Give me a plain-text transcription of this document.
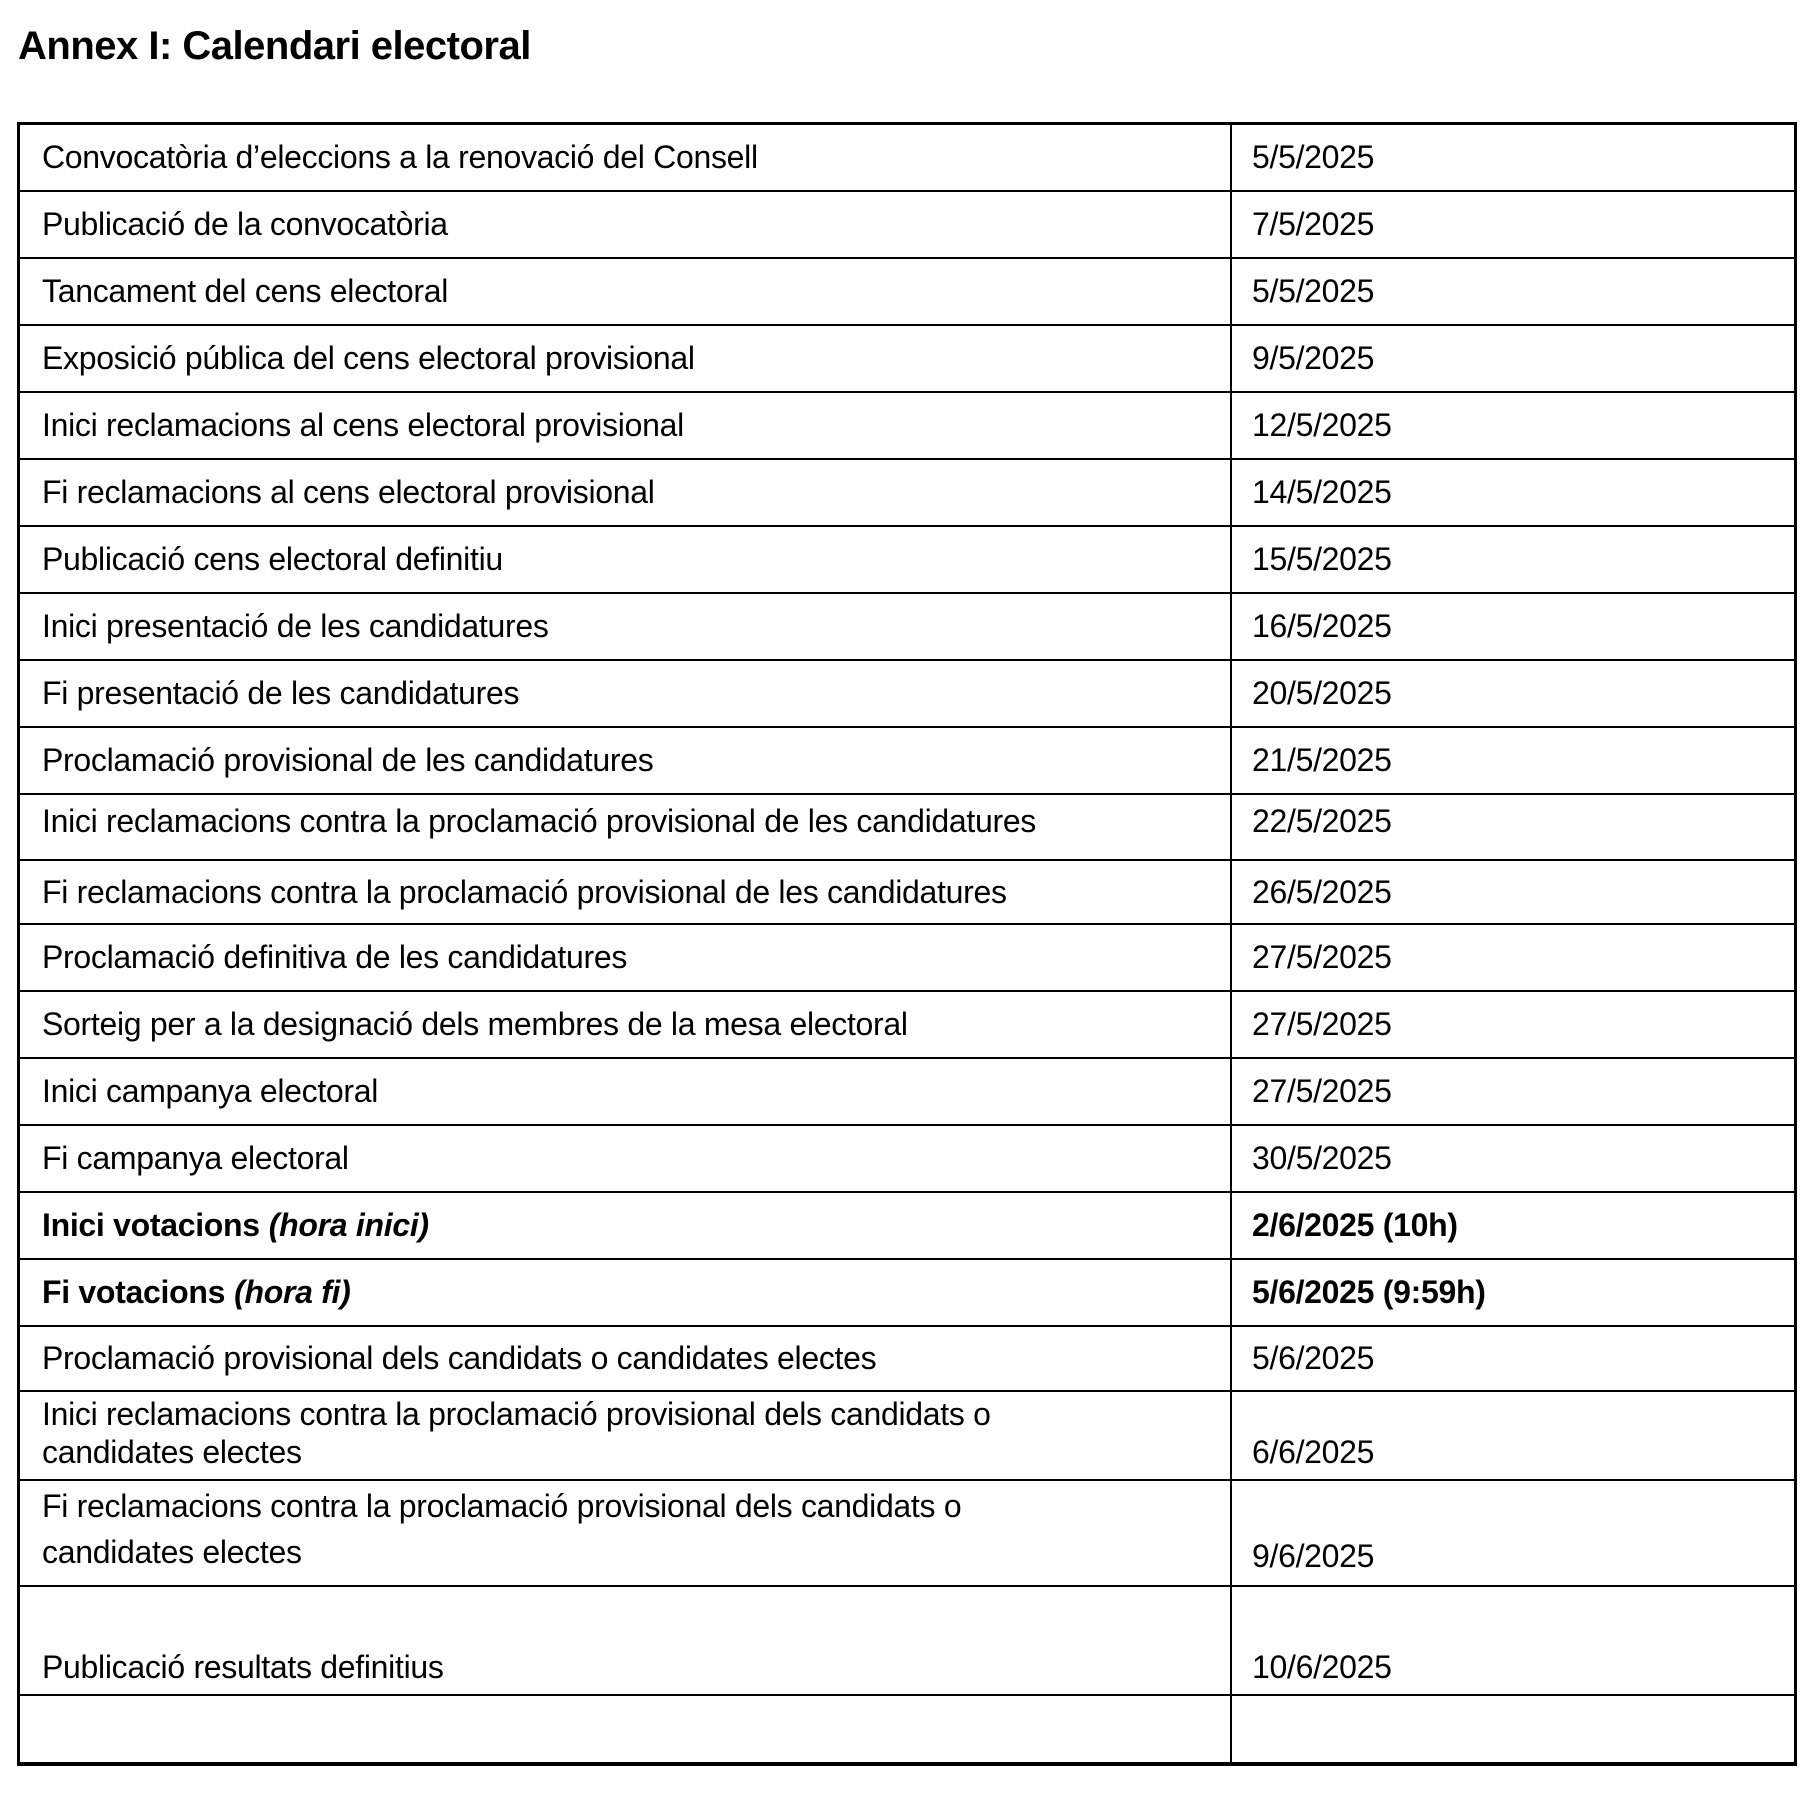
Annex I: Calendari electoral
Convocatòria d’eleccions a la renovació del Consell	5/5/2025
Publicació de la convocatòria	7/5/2025
Tancament del cens electoral	5/5/2025
Exposició pública del cens electoral provisional	9/5/2025
Inici reclamacions al cens electoral provisional	12/5/2025
Fi reclamacions al cens electoral provisional	14/5/2025
Publicació cens electoral definitiu	15/5/2025
Inici presentació de les candidatures	16/5/2025
Fi presentació de les candidatures	20/5/2025
Proclamació provisional de les candidatures	21/5/2025
Inici reclamacions contra la proclamació provisional de les candidatures	22/5/2025
Fi reclamacions contra la proclamació provisional de les candidatures	26/5/2025
Proclamació definitiva de les candidatures	27/5/2025
Sorteig per a la designació dels membres de la mesa electoral	27/5/2025
Inici campanya electoral	27/5/2025
Fi campanya electoral	30/5/2025
Inici votacions (hora inici)	2/6/2025 (10h)
Fi votacions (hora fi)	5/6/2025 (9:59h)
Proclamació provisional dels candidats o candidates electes	5/6/2025
Inici reclamacions contra la proclamació provisional dels candidats o
candidates electes	6/6/2025
Fi reclamacions contra la proclamació provisional dels candidats o
candidates electes	9/6/2025
Publicació resultats definitius	10/6/2025
